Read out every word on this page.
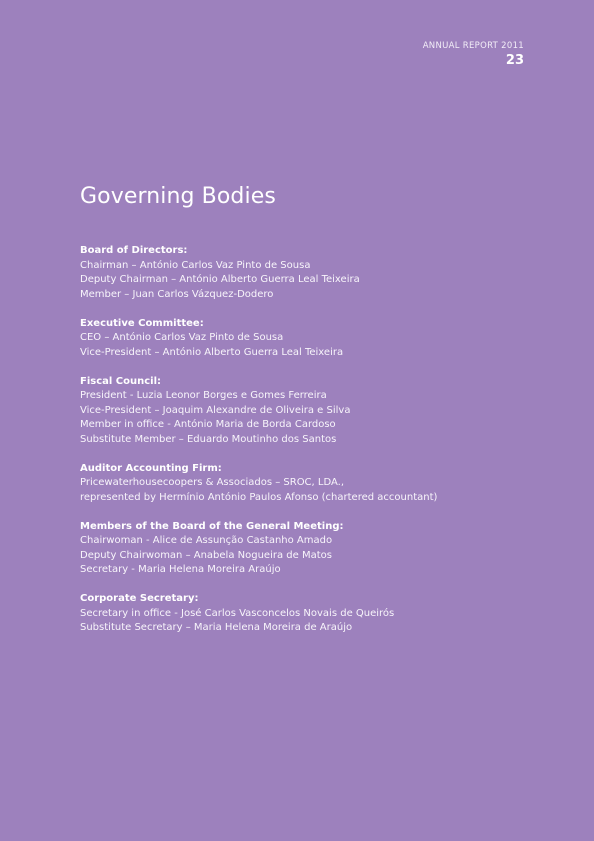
ANNUAL REPORT 2011
23
Governing Bodies
Board of Directors:
Chairman – António Carlos Vaz Pinto de Sousa
Deputy Chairman – António Alberto Guerra Leal Teixeira
Member – Juan Carlos Vázquez-Dodero
Executive Committee:
CEO – António Carlos Vaz Pinto de Sousa
Vice-President – António Alberto Guerra Leal Teixeira
Fiscal Council:
President - Luzia Leonor Borges e Gomes Ferreira
Vice-President – Joaquim Alexandre de Oliveira e Silva
Member in office - António Maria de Borda Cardoso
Substitute Member – Eduardo Moutinho dos Santos
Auditor Accounting Firm:
Pricewaterhousecoopers & Associados – SROC, LDA.,
represented by Hermínio António Paulos Afonso (chartered accountant)
Members of the Board of the General Meeting:
Chairwoman - Alice de Assunção Castanho Amado
Deputy Chairwoman – Anabela Nogueira de Matos
Secretary - Maria Helena Moreira Araújo
Corporate Secretary:
Secretary in office - José Carlos Vasconcelos Novais de Queirós
Substitute Secretary – Maria Helena Moreira de Araújo
